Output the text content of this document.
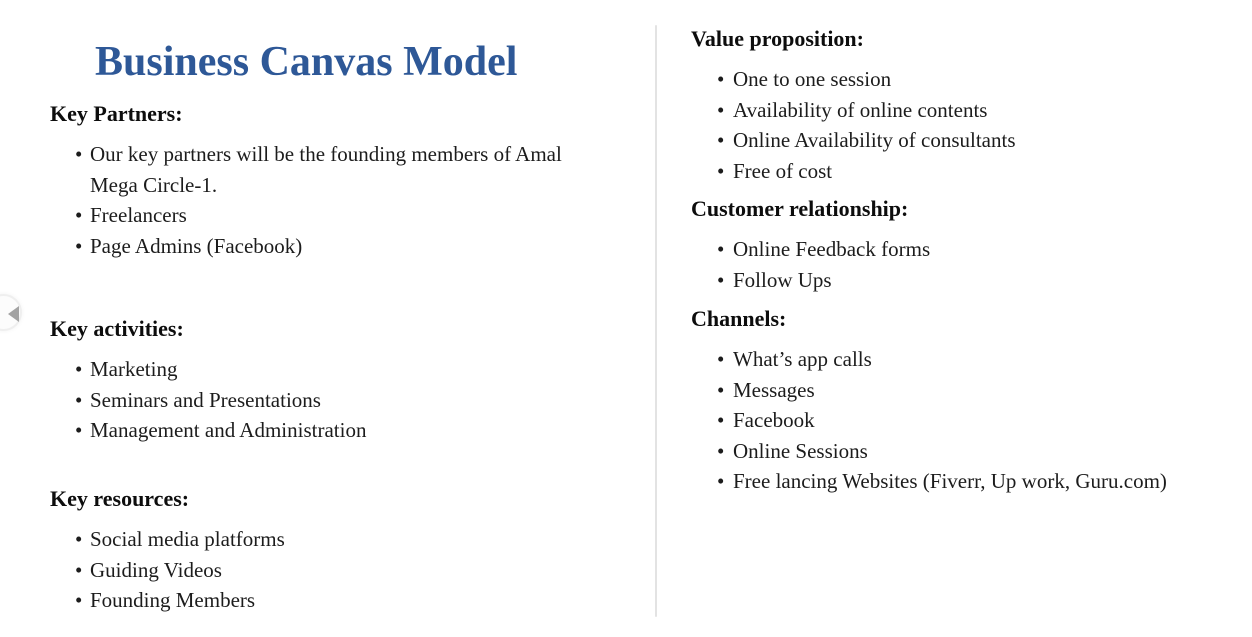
Business Canvas Model
Key Partners:
• Our key partners will be the founding members of Amal Mega Circle-1.
• Freelancers
• Page Admins (Facebook)
Key activities:
• Marketing
• Seminars and Presentations
• Management and Administration
Key resources:
• Social media platforms
• Guiding Videos
• Founding Members
Value proposition:
• One to one session
• Availability of online contents
• Online Availability of consultants
• Free of cost
Customer relationship:
• Online Feedback forms
• Follow Ups
Channels:
• What’s app calls
• Messages
• Facebook
• Online Sessions
• Free lancing Websites (Fiverr, Up work, Guru.com)
